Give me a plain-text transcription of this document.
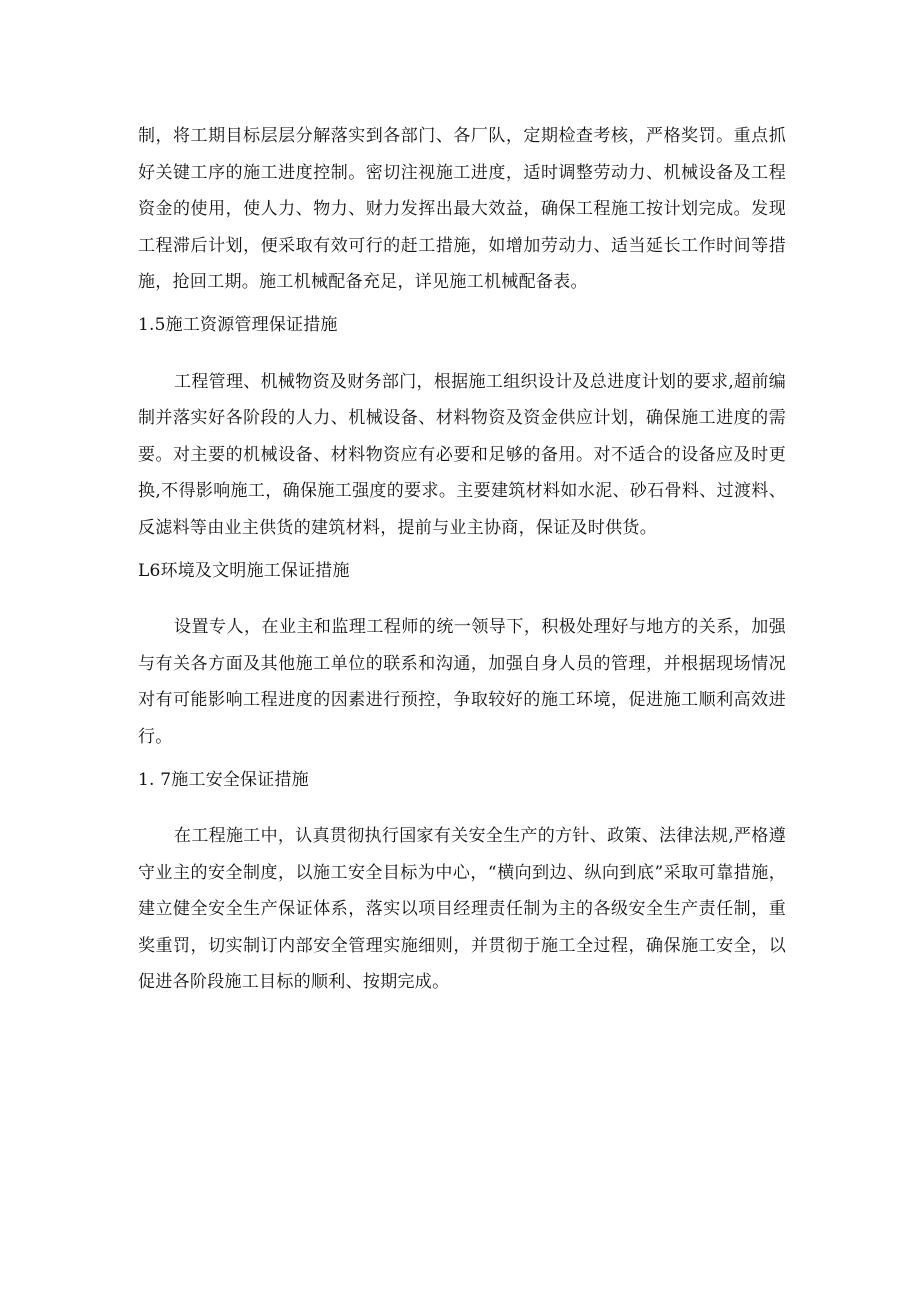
制，将工期目标层层分解落实到各部门、各厂队，定期检查考核，严格奖罚。重点抓好关键工序的施工进度控制。密切注视施工进度，适时调整劳动力、机械设备及工程资金的使用，使人力、物力、财力发挥出最大效益，确保工程施工按计划完成。发现工程滞后计划，便采取有效可行的赶工措施，如增加劳动力、适当延长工作时间等措施，抢回工期。施工机械配备充足，详见施工机械配备表。

1.5施工资源管理保证措施

工程管理、机械物资及财务部门，根据施工组织设计及总进度计划的要求,超前编制并落实好各阶段的人力、机械设备、材料物资及资金供应计划，确保施工进度的需要。对主要的机械设备、材料物资应有必要和足够的备用。对不适合的设备应及时更换,不得影响施工，确保施工强度的要求。主要建筑材料如水泥、砂石骨料、过渡料、反滤料等由业主供货的建筑材料，提前与业主协商，保证及时供货。

L6环境及文明施工保证措施

设置专人，在业主和监理工程师的统一领导下，积极处理好与地方的关系，加强与有关各方面及其他施工单位的联系和沟通，加强自身人员的管理，并根据现场情况对有可能影响工程进度的因素进行预控，争取较好的施工环境，促进施工顺利高效进行。

1. 7施工安全保证措施

在工程施工中，认真贯彻执行国家有关安全生产的方针、政策、法律法规,严格遵守业主的安全制度，以施工安全目标为中心，“横向到边、纵向到底”采取可靠措施，建立健全安全生产保证体系，落实以项目经理责任制为主的各级安全生产责任制，重奖重罚，切实制订内部安全管理实施细则，并贯彻于施工全过程，确保施工安全，以促进各阶段施工目标的顺利、按期完成。
